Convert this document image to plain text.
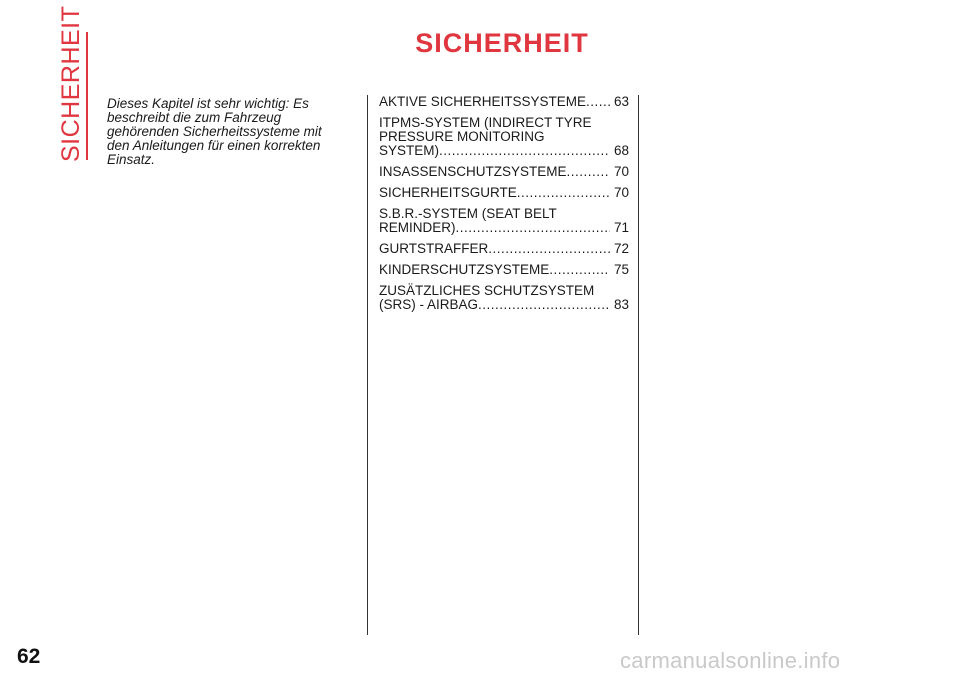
SICHERHEIT	SICHERHEIT
Dieses Kapitel ist sehr wichtig: Es beschreibt die zum Fahrzeug gehörenden Sicherheitssysteme mit den Anleitungen für einen korrekten Einsatz.
AKTIVE SICHERHEITSSYSTEME ..... 63
ITPMS-SYSTEM (INDIRECT TYRE
PRESSURE MONITORING
SYSTEM) .....	68
INSASSENSCHUTZSYSTEME .....	70
SICHERHEITSGURTE .....	70
S.B.R.-SYSTEM (SEAT BELT
REMINDER) .....	71
GURTSTRAFFER .....	72
KINDERSCHUTZSYSTEME .....	75
ZUSÄTZLICHES SCHUTZSYSTEM
(SRS) - AIRBAG .....	83
62	carmanualsonline.info
